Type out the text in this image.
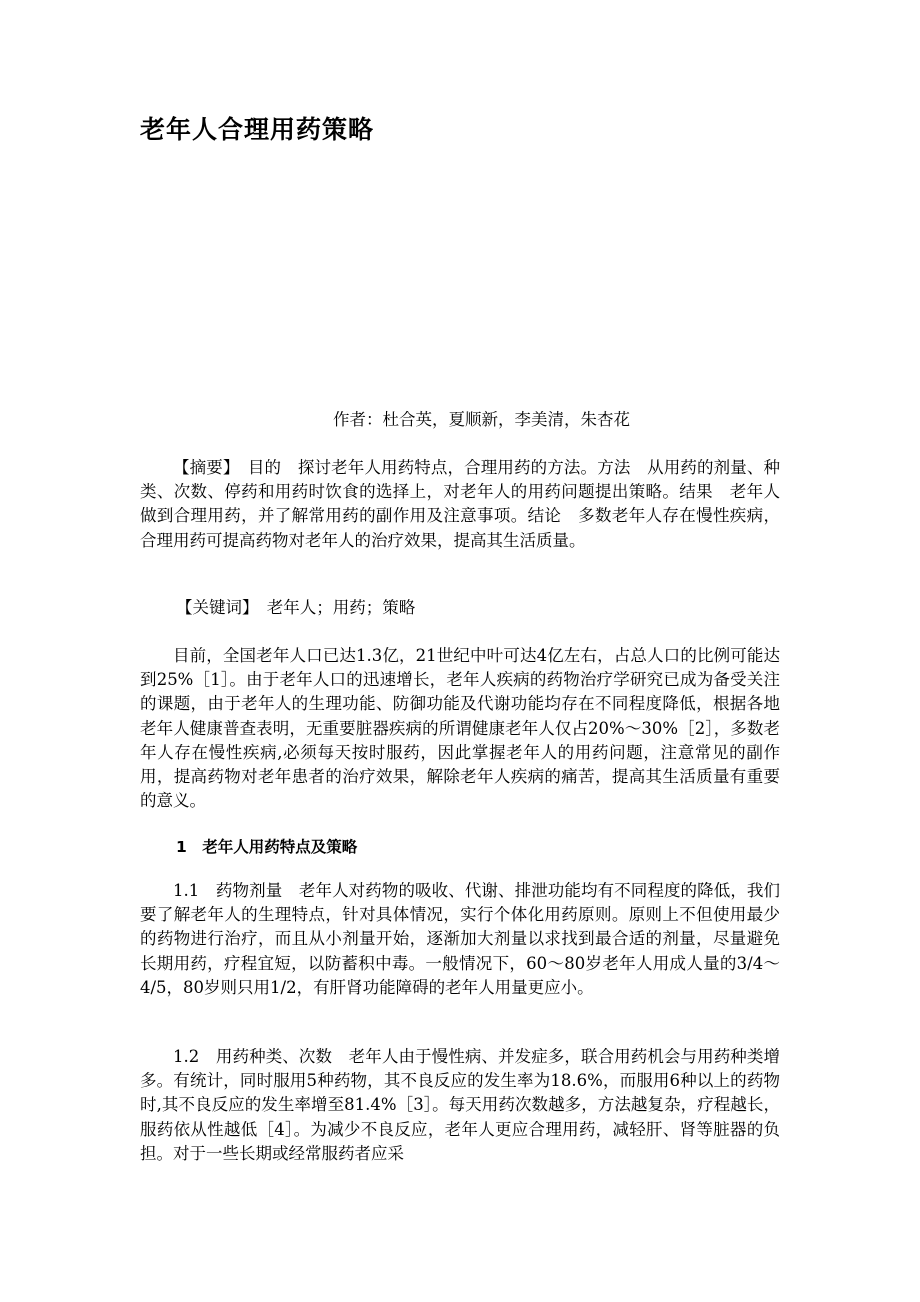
老年人合理用药策略
作者：杜合英，夏顺新，李美清，朱杏花

【摘要】　 目的　探讨老年人用药特点，合理用药的方法。方法　从用药的剂量、种类、次数、停药和用药时饮食的选择上，对老年人的用药问题提出策略。结果　老年人做到合理用药，并了解常用药的副作用及注意事项。结论　多数老年人存在慢性疾病，合理用药可提高药物对老年人的治疗效果，提高其生活质量。

【关键词】　 老年人；用药；策略

目前，全国老年人口已达1.3亿，21世纪中叶可达4亿左右，占总人口的比例可能达到25%［1］。由于老年人口的迅速增长，老年人疾病的药物治疗学研究已成为备受关注的课题，由于老年人的生理功能、防御功能及代谢功能均存在不同程度降低，根据各地老年人健康普查表明，无重要脏器疾病的所谓健康老年人仅占20%～30%［2］，多数老年人存在慢性疾病,必须每天按时服药，因此掌握老年人的用药问题，注意常见的副作用，提高药物对老年患者的治疗效果，解除老年人疾病的痛苦，提高其生活质量有重要的意义。

1　老年人用药特点及策略

1.1　药物剂量　 老年人对药物的吸收、代谢、排泄功能均有不同程度的降低，我们要了解老年人的生理特点，针对具体情况，实行个体化用药原则。原则上不但使用最少的药物进行治疗，而且从小剂量开始，逐渐加大剂量以求找到最合适的剂量，尽量避免长期用药，疗程宜短，以防蓄积中毒。一般情况下，60～80岁老年人用成人量的3/4～4/5，80岁则只用1/2，有肝肾功能障碍的老年人用量更应小。

1.2　用药种类、次数　 老年人由于慢性病、并发症多，联合用药机会与用药种类增多。有统计，同时服用5种药物，其不良反应的发生率为18.6%，而服用6种以上的药物时,其不良反应的发生率增至81.4%［3］。每天用药次数越多，方法越复杂，疗程越长，服药依从性越低［4］。为减少不良反应，老年人更应合理用药，减轻肝、肾等脏器的负担。对于一些长期或经常服药者应采
